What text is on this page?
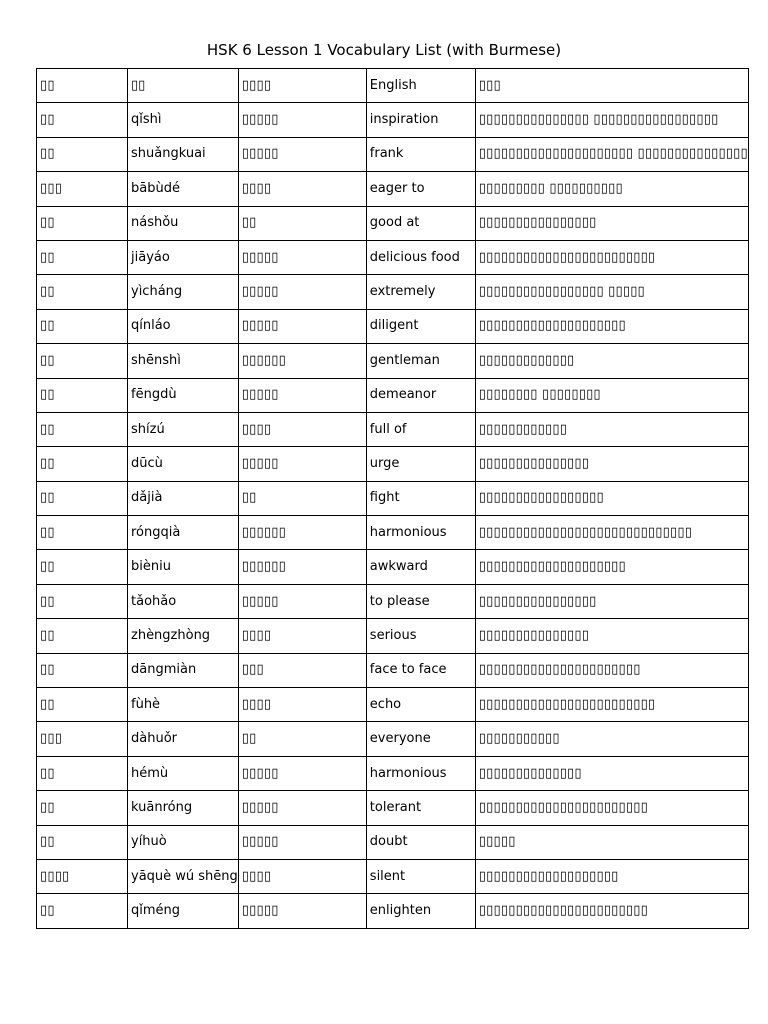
HSK 6 Lesson 1 Vocabulary List (with Burmese)
▯▯	▯▯	▯▯▯▯	English	▯▯▯
▯▯	qǐshì	▯▯▯▯▯	inspiration	▯▯▯▯▯▯▯▯▯▯▯▯▯▯▯ ▯▯▯▯▯▯▯▯▯▯▯▯▯▯▯▯▯
▯▯	shuǎngkuai	▯▯▯▯▯	frank	▯▯▯▯▯▯▯▯▯▯▯▯▯▯▯▯▯▯▯▯▯ ▯▯▯▯▯▯▯▯▯▯▯▯▯▯▯
▯▯▯	bābùdé	▯▯▯▯	eager to	▯▯▯▯▯▯▯▯▯ ▯▯▯▯▯▯▯▯▯▯
▯▯	náshǒu	▯▯	good at	▯▯▯▯▯▯▯▯▯▯▯▯▯▯▯▯
▯▯	jiāyáo	▯▯▯▯▯	delicious food	▯▯▯▯▯▯▯▯▯▯▯▯▯▯▯▯▯▯▯▯▯▯▯▯
▯▯	yìcháng	▯▯▯▯▯	extremely	▯▯▯▯▯▯▯▯▯▯▯▯▯▯▯▯▯ ▯▯▯▯▯
▯▯	qínláo	▯▯▯▯▯	diligent	▯▯▯▯▯▯▯▯▯▯▯▯▯▯▯▯▯▯▯▯
▯▯	shēnshì	▯▯▯▯▯▯	gentleman	▯▯▯▯▯▯▯▯▯▯▯▯▯
▯▯	fēngdù	▯▯▯▯▯	demeanor	▯▯▯▯▯▯▯▯ ▯▯▯▯▯▯▯▯
▯▯	shízú	▯▯▯▯	full of	▯▯▯▯▯▯▯▯▯▯▯▯
▯▯	dūcù	▯▯▯▯▯	urge	▯▯▯▯▯▯▯▯▯▯▯▯▯▯▯
▯▯	dǎjià	▯▯	fight	▯▯▯▯▯▯▯▯▯▯▯▯▯▯▯▯▯
▯▯	róngqià	▯▯▯▯▯▯	harmonious	▯▯▯▯▯▯▯▯▯▯▯▯▯▯▯▯▯▯▯▯▯▯▯▯▯▯▯▯▯
▯▯	bièniu	▯▯▯▯▯▯	awkward	▯▯▯▯▯▯▯▯▯▯▯▯▯▯▯▯▯▯▯▯
▯▯	tǎohǎo	▯▯▯▯▯	to please	▯▯▯▯▯▯▯▯▯▯▯▯▯▯▯▯
▯▯	zhèngzhòng	▯▯▯▯	serious	▯▯▯▯▯▯▯▯▯▯▯▯▯▯▯
▯▯	dāngmiàn	▯▯▯	face to face	▯▯▯▯▯▯▯▯▯▯▯▯▯▯▯▯▯▯▯▯▯▯
▯▯	fùhè	▯▯▯▯	echo	▯▯▯▯▯▯▯▯▯▯▯▯▯▯▯▯▯▯▯▯▯▯▯▯
▯▯▯	dàhuǒr	▯▯	everyone	▯▯▯▯▯▯▯▯▯▯▯
▯▯	hémù	▯▯▯▯▯	harmonious	▯▯▯▯▯▯▯▯▯▯▯▯▯▯
▯▯	kuānróng	▯▯▯▯▯	tolerant	▯▯▯▯▯▯▯▯▯▯▯▯▯▯▯▯▯▯▯▯▯▯▯
▯▯	yíhuò	▯▯▯▯▯	doubt	▯▯▯▯▯
▯▯▯▯	yāquè wú shēng	▯▯▯▯	silent	▯▯▯▯▯▯▯▯▯▯▯▯▯▯▯▯▯▯▯
▯▯	qǐméng	▯▯▯▯▯	enlighten	▯▯▯▯▯▯▯▯▯▯▯▯▯▯▯▯▯▯▯▯▯▯▯
